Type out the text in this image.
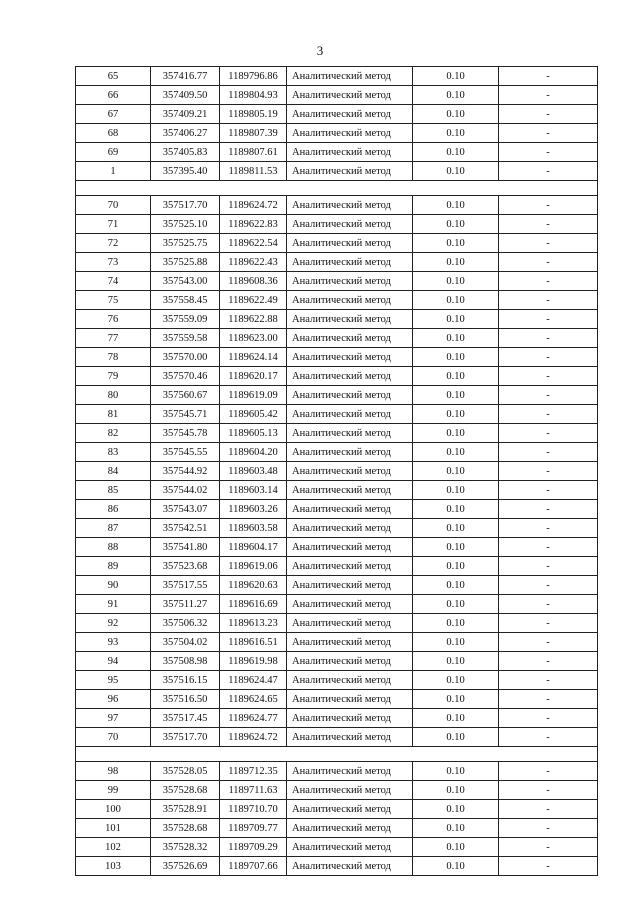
3
65	357416.77	1189796.86	Аналитический метод	0.10	-
66	357409.50	1189804.93	Аналитический метод	0.10	-
67	357409.21	1189805.19	Аналитический метод	0.10	-
68	357406.27	1189807.39	Аналитический метод	0.10	-
69	357405.83	1189807.61	Аналитический метод	0.10	-
1	357395.40	1189811.53	Аналитический метод	0.10	-

70	357517.70	1189624.72	Аналитический метод	0.10	-
71	357525.10	1189622.83	Аналитический метод	0.10	-
72	357525.75	1189622.54	Аналитический метод	0.10	-
73	357525.88	1189622.43	Аналитический метод	0.10	-
74	357543.00	1189608.36	Аналитический метод	0.10	-
75	357558.45	1189622.49	Аналитический метод	0.10	-
76	357559.09	1189622.88	Аналитический метод	0.10	-
77	357559.58	1189623.00	Аналитический метод	0.10	-
78	357570.00	1189624.14	Аналитический метод	0.10	-
79	357570.46	1189620.17	Аналитический метод	0.10	-
80	357560.67	1189619.09	Аналитический метод	0.10	-
81	357545.71	1189605.42	Аналитический метод	0.10	-
82	357545.78	1189605.13	Аналитический метод	0.10	-
83	357545.55	1189604.20	Аналитический метод	0.10	-
84	357544.92	1189603.48	Аналитический метод	0.10	-
85	357544.02	1189603.14	Аналитический метод	0.10	-
86	357543.07	1189603.26	Аналитический метод	0.10	-
87	357542.51	1189603.58	Аналитический метод	0.10	-
88	357541.80	1189604.17	Аналитический метод	0.10	-
89	357523.68	1189619.06	Аналитический метод	0.10	-
90	357517.55	1189620.63	Аналитический метод	0.10	-
91	357511.27	1189616.69	Аналитический метод	0.10	-
92	357506.32	1189613.23	Аналитический метод	0.10	-
93	357504.02	1189616.51	Аналитический метод	0.10	-
94	357508.98	1189619.98	Аналитический метод	0.10	-
95	357516.15	1189624.47	Аналитический метод	0.10	-
96	357516.50	1189624.65	Аналитический метод	0.10	-
97	357517.45	1189624.77	Аналитический метод	0.10	-
70	357517.70	1189624.72	Аналитический метод	0.10	-

98	357528.05	1189712.35	Аналитический метод	0.10	-
99	357528.68	1189711.63	Аналитический метод	0.10	-
100	357528.91	1189710.70	Аналитический метод	0.10	-
101	357528.68	1189709.77	Аналитический метод	0.10	-
102	357528.32	1189709.29	Аналитический метод	0.10	-
103	357526.69	1189707.66	Аналитический метод	0.10	-
